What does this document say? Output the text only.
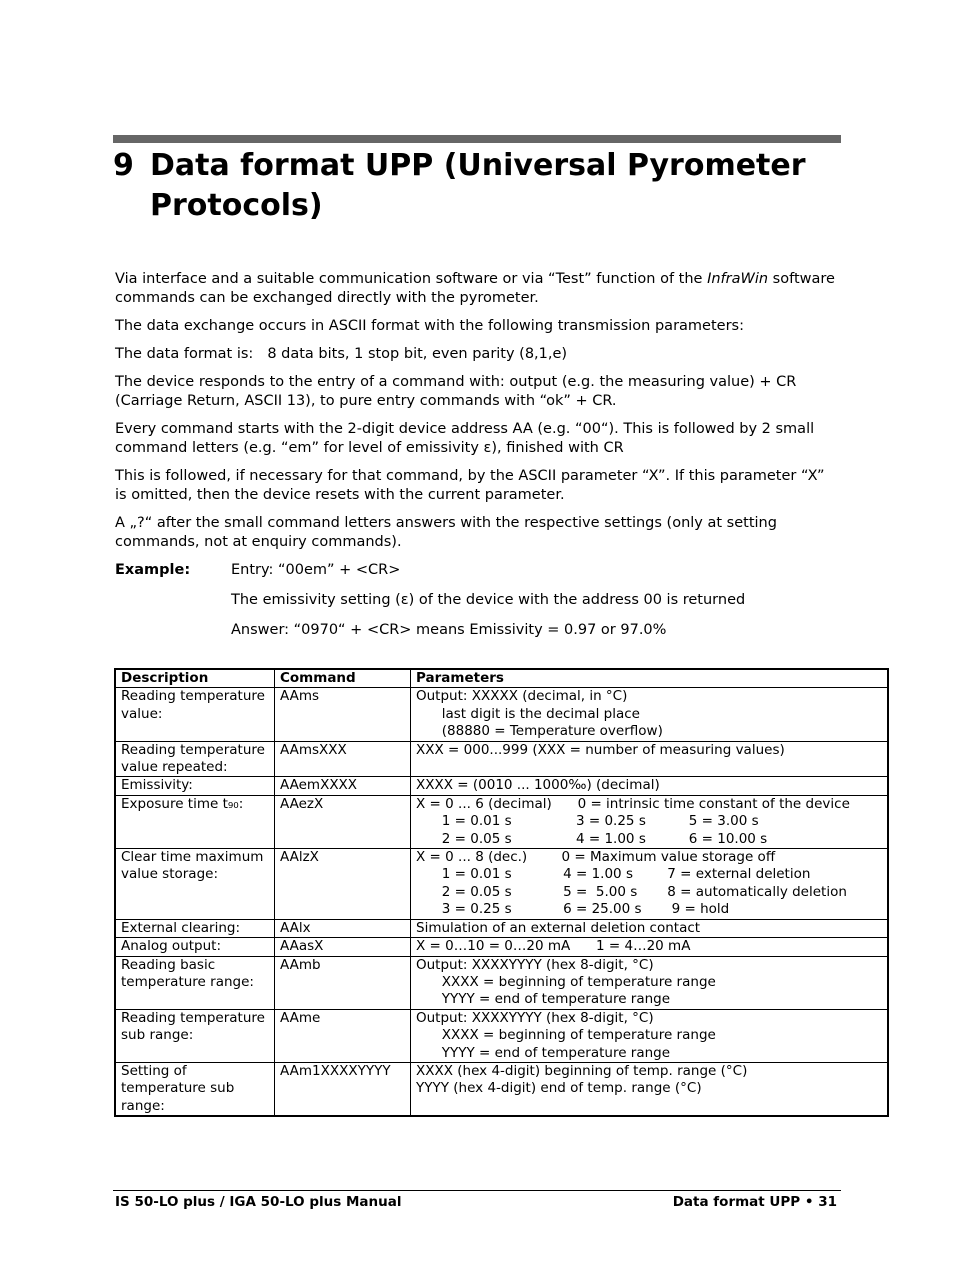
9 Data format UPP (Universal Pyrometer Protocols)

Via interface and a suitable communication software or via “Test” function of the InfraWin software commands can be exchanged directly with the pyrometer.

The data exchange occurs in ASCII format with the following transmission parameters:

The data format is: 8 data bits, 1 stop bit, even parity (8,1,e)

The device responds to the entry of a command with: output (e.g. the measuring value) + CR (Carriage Return, ASCII 13), to pure entry commands with “ok” + CR.

Every command starts with the 2-digit device address AA (e.g. “00“). This is followed by 2 small command letters (e.g. “em” for level of emissivity ε), finished with CR

This is followed, if necessary for that command, by the ASCII parameter “X”. If this parameter “X” is omitted, then the device resets with the current parameter.

A „?“ after the small command letters answers with the respective settings (only at setting commands, not at enquiry commands).

Example:	Entry: “00em” + <CR>
The emissivity setting (ε) of the device with the address 00 is returned
Answer: “0970“ + <CR> means Emissivity = 0.97 or 97.0%
Description	Command	Parameters
Reading temperature value:	AAms	Output: XXXXX (decimal, in °C)
last digit is the decimal place
(88880 = Temperature overflow)
Reading temperature value repeated:	AAmsXXX	XXX = 000...999 (XXX = number of measuring values)
Emissivity:	AAemXXXX	XXXX = (0010 ... 1000‰) (decimal)
Exposure time t₉₀:	AAezX	X = 0 ... 6 (decimal)      0 = intrinsic time constant of the device
1 = 0.01 s               3 = 0.25 s          5 = 3.00 s
2 = 0.05 s               4 = 1.00 s          6 = 10.00 s
Clear time maximum value storage:	AAlzX	X = 0 ... 8 (dec.)        0 = Maximum value storage off
1 = 0.01 s            4 = 1.00 s        7 = external deletion
2 = 0.05 s            5 =  5.00 s       8 = automatically deletion
3 = 0.25 s            6 = 25.00 s       9 = hold
External clearing:	AAlx	Simulation of an external deletion contact
Analog output:	AAasX	X = 0…10 = 0…20 mA      1 = 4…20 mA
Reading basic temperature range:	AAmb	Output: XXXXYYYY (hex 8-digit, °C)
XXXX = beginning of temperature range
YYYY = end of temperature range
Reading temperature sub range:	AAme	Output: XXXXYYYY (hex 8-digit, °C)
XXXX = beginning of temperature range
YYYY = end of temperature range
Setting of temperature sub range:	AAm1XXXXYYYY	XXXX (hex 4-digit) beginning of temp. range (°C)
YYYY (hex 4-digit) end of temp. range (°C)
IS 50-LO plus / IGA 50-LO plus Manual	Data format UPP • 31
